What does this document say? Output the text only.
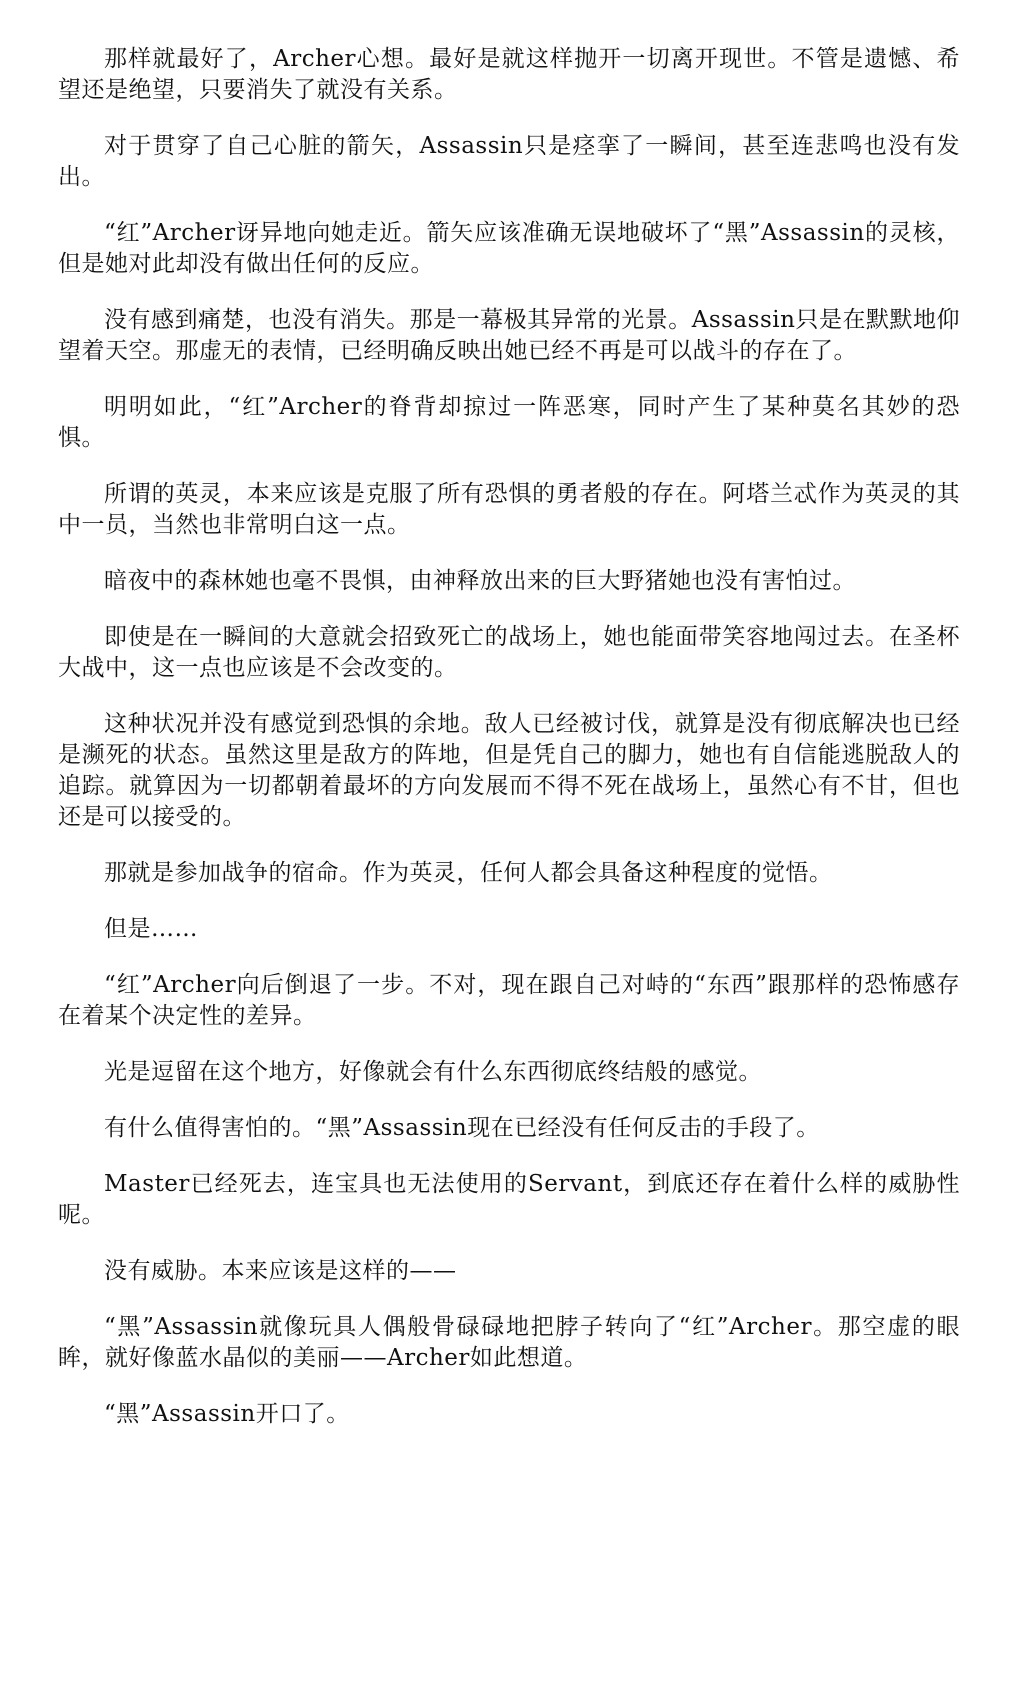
那样就最好了，Archer心想。最好是就这样抛开一切离开现世。不管是遗憾、希望还是绝望，只要消失了就没有关系。

对于贯穿了自己心脏的箭矢，Assassin只是痉挛了一瞬间，甚至连悲鸣也没有发出。

“红”Archer讶异地向她走近。箭矢应该准确无误地破坏了“黑”Assassin的灵核，但是她对此却没有做出任何的反应。

没有感到痛楚，也没有消失。那是一幕极其异常的光景。Assassin只是在默默地仰望着天空。那虚无的表情，已经明确反映出她已经不再是可以战斗的存在了。

明明如此，“红”Archer的脊背却掠过一阵恶寒，同时产生了某种莫名其妙的恐惧。

所谓的英灵，本来应该是克服了所有恐惧的勇者般的存在。阿塔兰忒作为英灵的其中一员，当然也非常明白这一点。

暗夜中的森林她也毫不畏惧，由神释放出来的巨大野猪她也没有害怕过。

即使是在一瞬间的大意就会招致死亡的战场上，她也能面带笑容地闯过去。在圣杯大战中，这一点也应该是不会改变的。

这种状况并没有感觉到恐惧的余地。敌人已经被讨伐，就算是没有彻底解决也已经是濒死的状态。虽然这里是敌方的阵地，但是凭自己的脚力，她也有自信能逃脱敌人的追踪。就算因为一切都朝着最坏的方向发展而不得不死在战场上，虽然心有不甘，但也还是可以接受的。

那就是参加战争的宿命。作为英灵，任何人都会具备这种程度的觉悟。

但是……

“红”Archer向后倒退了一步。不对，现在跟自己对峙的“东西”跟那样的恐怖感存在着某个决定性的差异。

光是逗留在这个地方，好像就会有什么东西彻底终结般的感觉。

有什么值得害怕的。“黑”Assassin现在已经没有任何反击的手段了。

Master已经死去，连宝具也无法使用的Servant，到底还存在着什么样的威胁性呢。

没有威胁。本来应该是这样的——

“黑”Assassin就像玩具人偶般骨碌碌地把脖子转向了“红”Archer。那空虚的眼眸，就好像蓝水晶似的美丽——Archer如此想道。

“黑”Assassin开口了。
